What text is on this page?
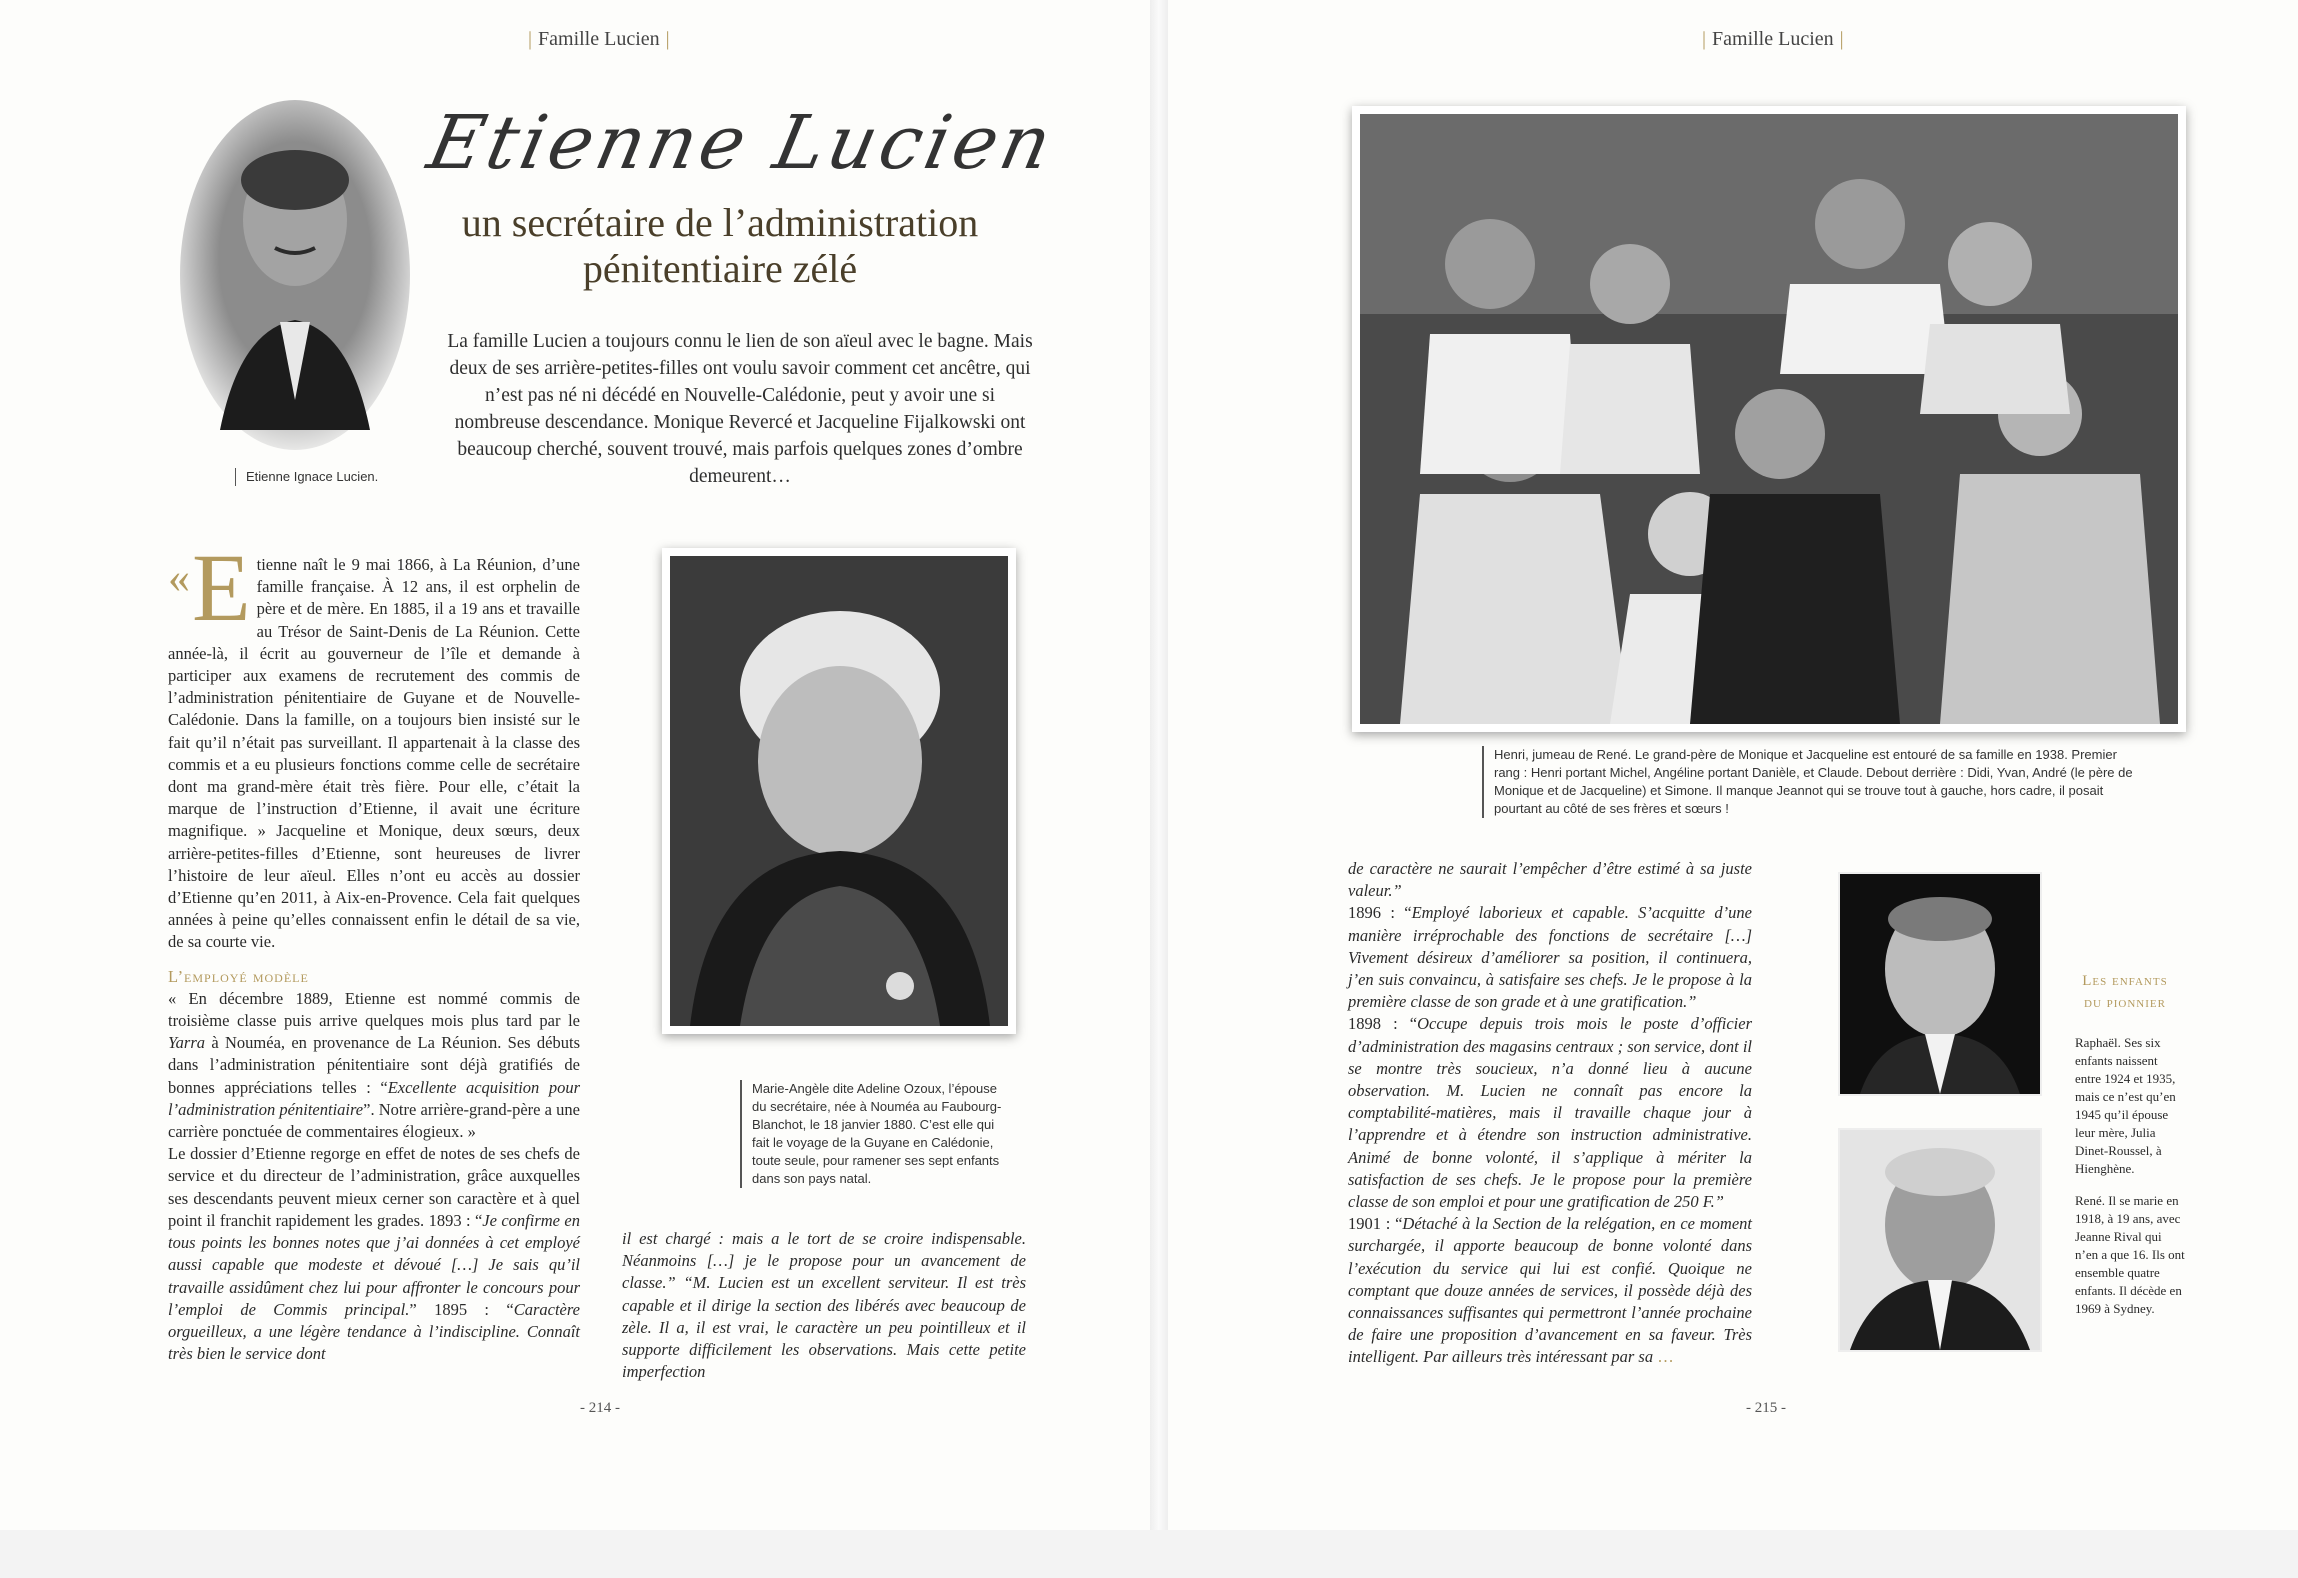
| Famille Lucien |	| Famille Lucien |
Etienne Ignace Lucien.
Etienne Lucien
un secrétaire de l’administration
pénitentiaire zélé
La famille Lucien a toujours connu le lien de son aïeul avec le bagne. Mais deux de ses arrière-petites-filles ont voulu savoir comment cet ancêtre, qui n’est pas né ni décédé en Nouvelle-Calédonie, peut y avoir une si nombreuse descendance. Monique Revercé et Jacqueline Fijalkowski ont beaucoup cherché, souvent trouvé, mais parfois quelques zones d’ombre demeurent…

« E tienne naît le 9 mai 1866, à La Réunion, d’une famille française. À 12 ans, il est orphelin de père et de mère. En 1885, il a 19 ans et travaille au Trésor de Saint-Denis de La Réunion. Cette année-là, il écrit au gouverneur de l’île et demande à participer aux examens de recrutement des commis de l’administration pénitentiaire de Guyane et de Nouvelle-Calédonie. Dans la famille, on a toujours bien insisté sur le fait qu’il n’était pas surveillant. Il appartenait à la classe des commis et a eu plusieurs fonctions comme celle de secrétaire dont ma grand-mère était très fière. Pour elle, c’était la marque de l’instruction d’Etienne, il avait une écriture magnifique. » Jacqueline et Monique, deux sœurs, deux arrière-petites-filles d’Etienne, sont heureuses de livrer l’histoire de leur aïeul. Elles n’ont eu accès au dossier d’Etienne qu’en 2011, à Aix-en-Provence. Cela fait quelques années à peine qu’elles connaissent enfin le détail de sa vie, de sa courte vie.

L’employé modèle

« En décembre 1889, Etienne est nommé commis de troisième classe puis arrive quelques mois plus tard par le Yarra à Nouméa, en provenance de La Réunion. Ses débuts dans l’administration pénitentiaire sont déjà gratifiés de bonnes appréciations telles : “Excellente acquisition pour l’administration pénitentiaire”. Notre arrière-grand-père a une carrière ponctuée de commentaires élogieux. »

Le dossier d’Etienne regorge en effet de notes de ses chefs de service et du directeur de l’administration, grâce auxquelles ses descendants peuvent mieux cerner son caractère et à quel point il franchit rapidement les grades. 1893 : “Je confirme en tous points les bonnes notes que j’ai données à cet employé aussi capable que modeste et dévoué […] Je sais qu’il travaille assidûment chez lui pour affronter le concours pour l’emploi de Commis principal.” 1895 : “Caractère orgueilleux, a une légère tendance à l’indiscipline. Connaît très bien le service dont

Marie-Angèle dite Adeline Ozoux, l’épouse du secrétaire, née à Nouméa au Faubourg-Blanchot, le 18 janvier 1880. C’est elle qui fait le voyage de la Guyane en Calédonie, toute seule, pour ramener ses sept enfants dans son pays natal.
il est chargé : mais a le tort de se croire indispensable. Néanmoins […] je le propose pour un avancement de classe.” “M. Lucien est un excellent serviteur. Il est très capable et il dirige la section des libérés avec beaucoup de zèle. Il a, il est vrai, le caractère un peu pointilleux et il supporte difficilement les observations. Mais cette petite imperfection
- 214 -
Henri, jumeau de René. Le grand-père de Monique et Jacqueline est entouré de sa famille en 1938. Premier rang : Henri portant Michel, Angéline portant Danièle, et Claude. Debout derrière : Didi, Yvan, André (le père de Monique et de Jacqueline) et Simone. Il manque Jeannot qui se trouve tout à gauche, hors cadre, il posait pourtant au côté de ses frères et sœurs !

de caractère ne saurait l’empêcher d’être estimé à sa juste valeur.”

1896 : “Employé laborieux et capable. S’acquitte d’une manière irréprochable des fonctions de secrétaire […] Vivement désireux d’améliorer sa position, il continuera, j’en suis convaincu, à satisfaire ses chefs. Je le propose à la première classe de son grade et à une gratification.”

1898 : “Occupe depuis trois mois le poste d’officier d’administration des magasins centraux ; son service, dont il se montre très soucieux, n’a donné lieu à aucune observation. M. Lucien ne connaît pas encore la comptabilité-matières, mais il travaille chaque jour à l’apprendre et à étendre son instruction administrative. Animé de bonne volonté, il s’applique à mériter la satisfaction de ses chefs. Je le propose pour la première classe de son emploi et pour une gratification de 250 F.”

1901 : “Détaché à la Section de la relégation, en ce moment surchargée, il apporte beaucoup de bonne volonté dans l’exécution du service qui lui est confié. Quoique ne comptant que douze années de services, il possède déjà des connaissances suffisantes qui permettront l’année prochaine de faire une proposition d’avancement en sa faveur. Très intelligent. Par ailleurs très intéressant par sa …

Les enfants
du pionnier
Raphaël. Ses six enfants naissent entre 1924 et 1935, mais ce n’est qu’en 1945 qu’il épouse leur mère, Julia Dinet-Roussel, à Hienghène.
René. Il se marie en 1918, à 19 ans, avec Jeanne Rival qui n’en a que 16. Ils ont ensemble quatre enfants. Il décède en 1969 à Sydney.
- 215 -
